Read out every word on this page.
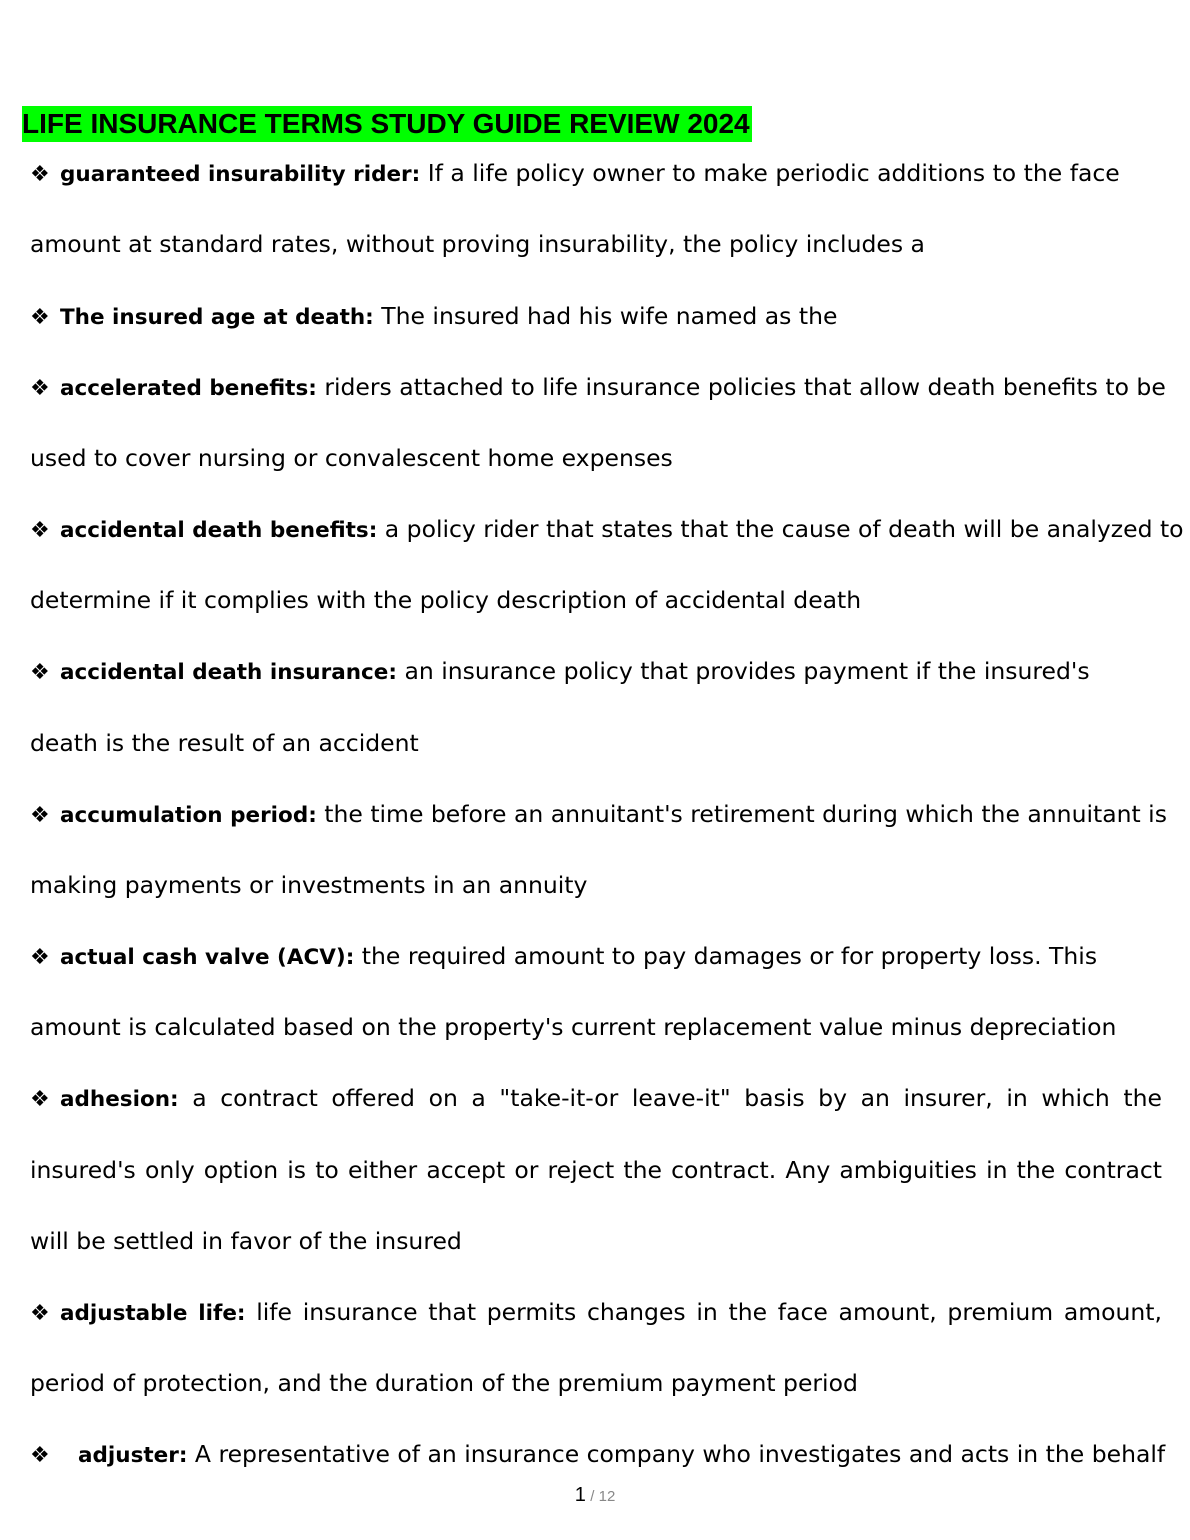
LIFE INSURANCE TERMS STUDY GUIDE REVIEW 2024
❖ guaranteed insurability rider: If a life policy owner to make periodic additions to the face
amount at standard rates, without proving insurability, the policy includes a
❖ The insured age at death: The insured had his wife named as the
❖ accelerated benefits: riders attached to life insurance policies that allow death benefits to be
used to cover nursing or convalescent home expenses
❖ accidental death benefits: a policy rider that states that the cause of death will be analyzed to
determine if it complies with the policy description of accidental death
❖ accidental death insurance: an insurance policy that provides payment if the insured's
death is the result of an accident
❖ accumulation period: the time before an annuitant's retirement during which the annuitant is
making payments or investments in an annuity
❖ actual cash valve (ACV): the required amount to pay damages or for property loss. This
amount is calculated based on the property's current replacement value minus depreciation
❖ adhesion: a contract offered on a "take-it-or leave-it" basis by an insurer, in which the
insured's only option is to either accept or reject the contract. Any ambiguities in the contract
will be settled in favor of the insured
❖ adjustable life: life insurance that permits changes in the face amount, premium amount,
period of protection, and the duration of the premium payment period
❖ adjuster: A representative of an insurance company who investigates and acts in the behalf
1 / 12
